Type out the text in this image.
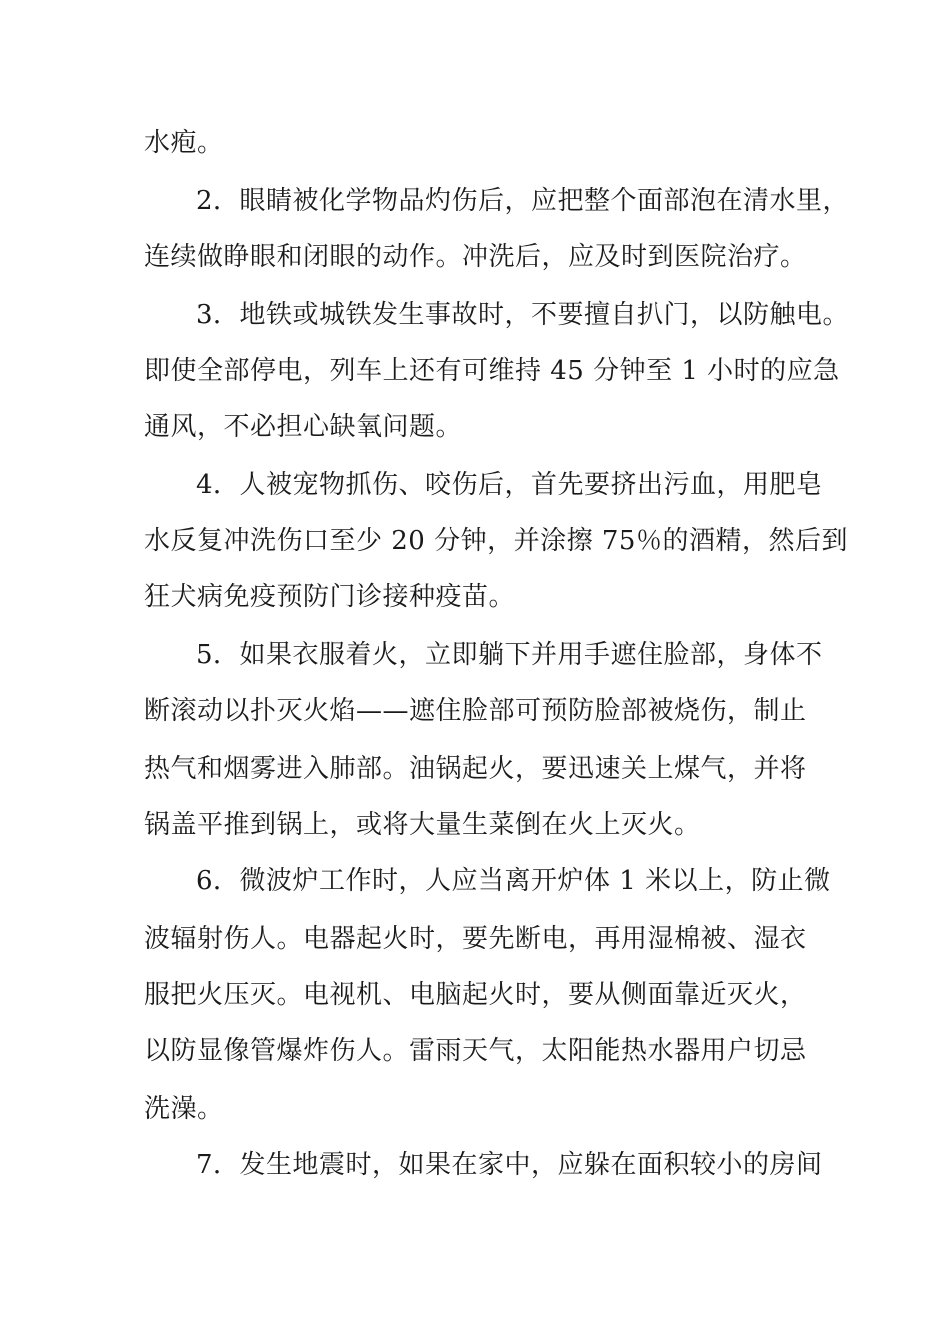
水疱。
2．眼睛被化学物品灼伤后，应把整个面部泡在清水里，
连续做睁眼和闭眼的动作。冲洗后，应及时到医院治疗。
3．地铁或城铁发生事故时，不要擅自扒门，以防触电。
即使全部停电，列车上还有可维持 45 分钟至 1 小时的应急
通风，不必担心缺氧问题。
4．人被宠物抓伤、咬伤后，首先要挤出污血，用肥皂
水反复冲洗伤口至少 20 分钟，并涂擦 75％的酒精，然后到
狂犬病免疫预防门诊接种疫苗。
5．如果衣服着火，立即躺下并用手遮住脸部，身体不
断滚动以扑灭火焰——遮住脸部可预防脸部被烧伤，制止
热气和烟雾进入肺部。油锅起火，要迅速关上煤气，并将
锅盖平推到锅上，或将大量生菜倒在火上灭火。
6．微波炉工作时，人应当离开炉体 1 米以上，防止微
波辐射伤人。电器起火时，要先断电，再用湿棉被、湿衣
服把火压灭。电视机、电脑起火时，要从侧面靠近灭火，
以防显像管爆炸伤人。雷雨天气，太阳能热水器用户切忌
洗澡。
7．发生地震时，如果在家中，应躲在面积较小的房间
